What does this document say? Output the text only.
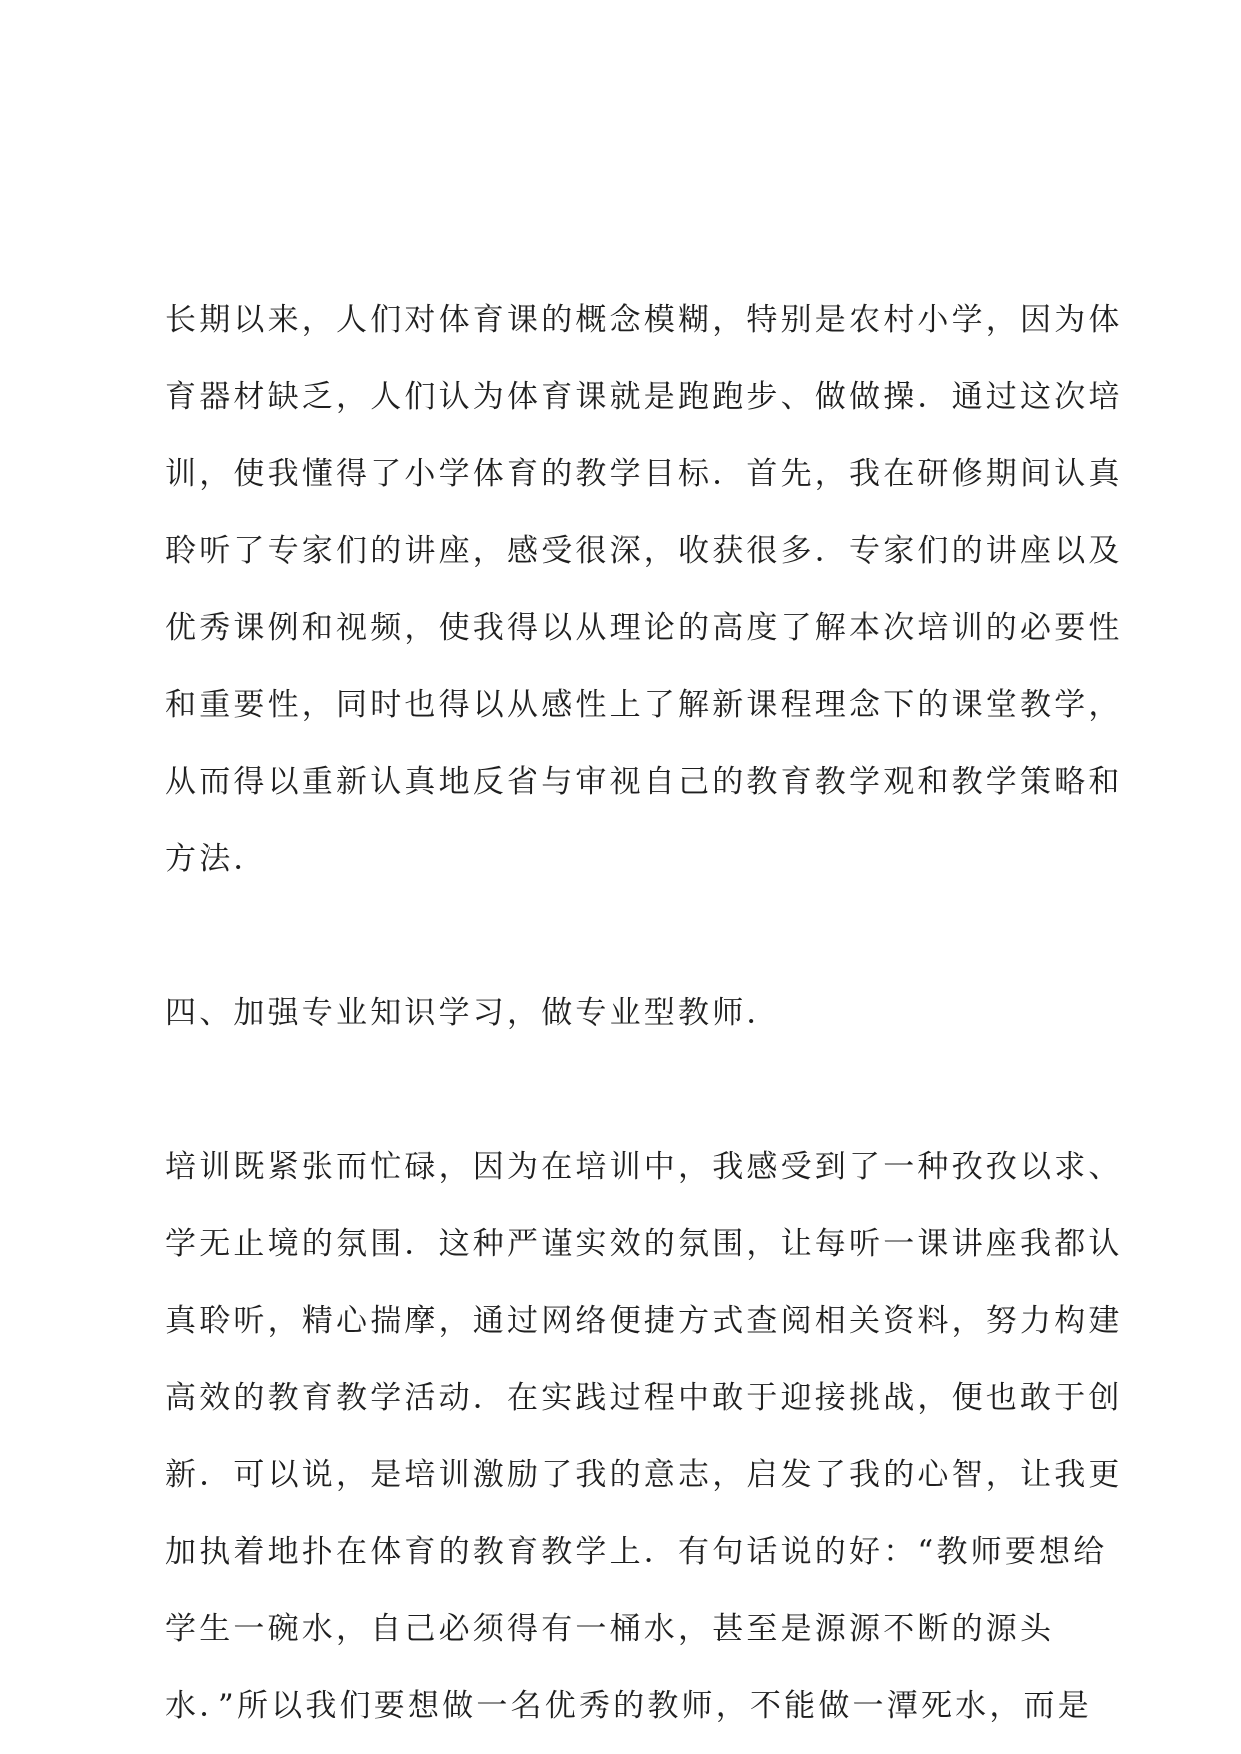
长期以来，人们对体育课的概念模糊，特别是农村小学，因为体
育器材缺乏，人们认为体育课就是跑跑步、做做操．通过这次培
训，使我懂得了小学体育的教学目标．首先，我在研修期间认真
聆听了专家们的讲座，感受很深，收获很多．专家们的讲座以及
优秀课例和视频，使我得以从理论的高度了解本次培训的必要性
和重要性，同时也得以从感性上了解新课程理念下的课堂教学，
从而得以重新认真地反省与审视自己的教育教学观和教学策略和
方法．
四、加强专业知识学习，做专业型教师．
培训既紧张而忙碌，因为在培训中，我感受到了一种孜孜以求、
学无止境的氛围．这种严谨实效的氛围，让每听一课讲座我都认
真聆听，精心揣摩，通过网络便捷方式查阅相关资料，努力构建
高效的教育教学活动．在实践过程中敢于迎接挑战，便也敢于创
新．可以说，是培训激励了我的意志，启发了我的心智，让我更
加执着地扑在体育的教育教学上．有句话说的好：“教师要想给
学生一碗水，自己必须得有一桶水，甚至是源源不断的源头
水．”所以我们要想做一名优秀的教师，不能做一潭死水，而是
